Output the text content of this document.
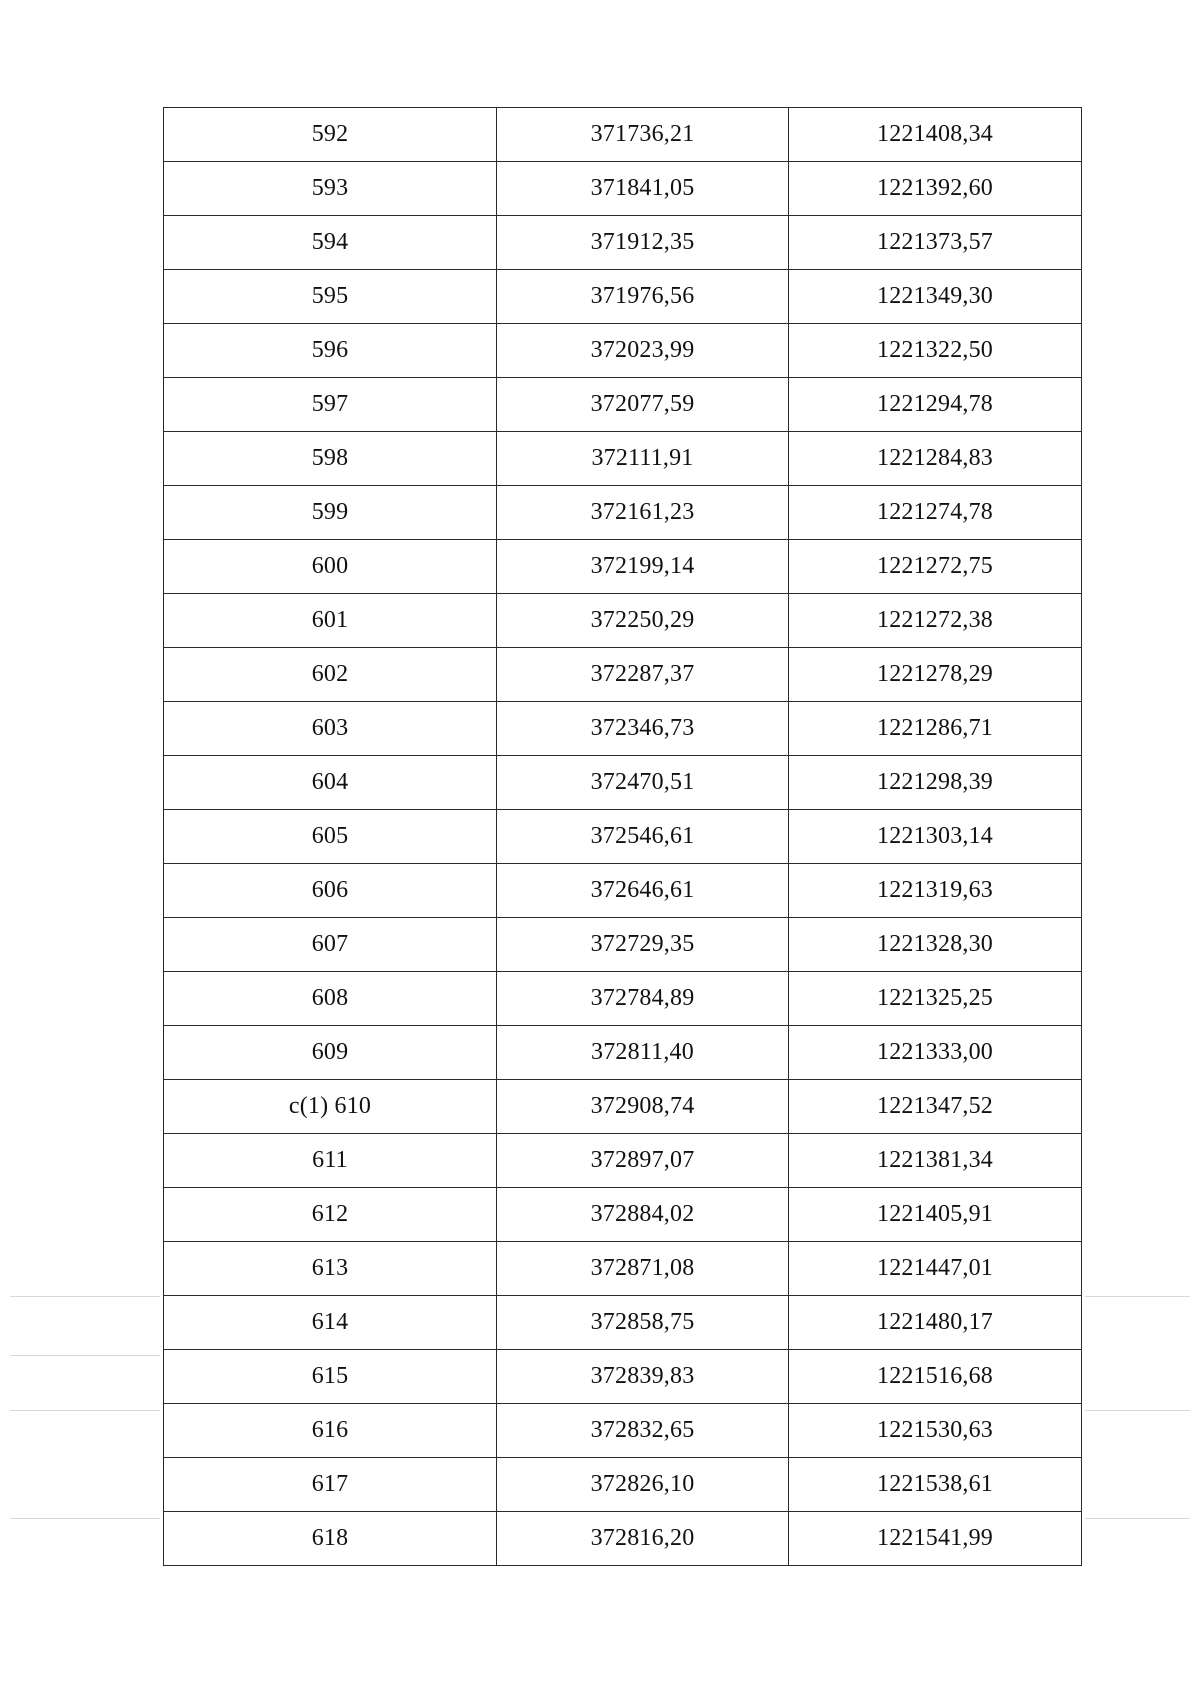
592	371736,21	1221408,34
593	371841,05	1221392,60
594	371912,35	1221373,57
595	371976,56	1221349,30
596	372023,99	1221322,50
597	372077,59	1221294,78
598	372111,91	1221284,83
599	372161,23	1221274,78
600	372199,14	1221272,75
601	372250,29	1221272,38
602	372287,37	1221278,29
603	372346,73	1221286,71
604	372470,51	1221298,39
605	372546,61	1221303,14
606	372646,61	1221319,63
607	372729,35	1221328,30
608	372784,89	1221325,25
609	372811,40	1221333,00
c(1) 610	372908,74	1221347,52
611	372897,07	1221381,34
612	372884,02	1221405,91
613	372871,08	1221447,01
614	372858,75	1221480,17
615	372839,83	1221516,68
616	372832,65	1221530,63
617	372826,10	1221538,61
618	372816,20	1221541,99
